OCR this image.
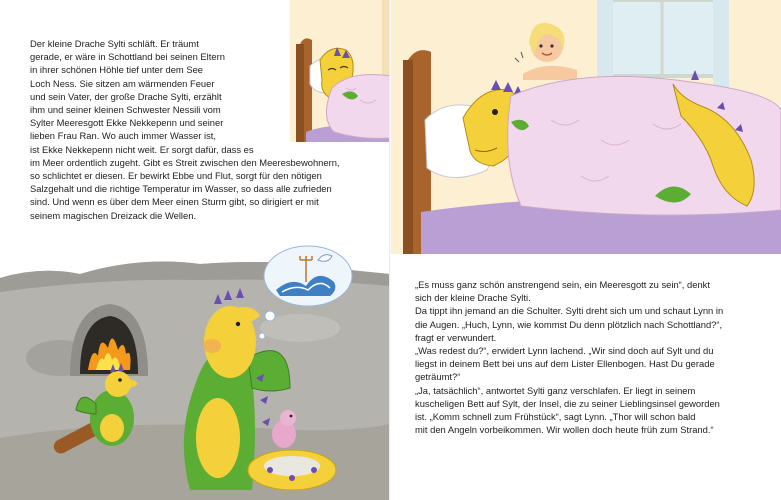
Der kleine Drache Sylti schläft. Er träumt
gerade, er wäre in Schottland bei seinen Eltern
in ihrer schönen Höhle tief unter dem See
Loch Ness. Sie sitzen am wärmenden Feuer
und sein Vater, der große Drache Sylti, erzählt
ihm und seiner kleinen Schwester Nessili vom
Sylter Meeresgott Ekke Nekkepenn und seiner
lieben Frau Ran. Wo auch immer Wasser ist,
ist Ekke Nekkepenn nicht weit. Er sorgt dafür, dass es
im Meer ordentlich zugeht. Gibt es Streit zwischen den Meeresbewohnern,
so schlichtet er diesen. Er bewirkt Ebbe und Flut, sorgt für den nötigen
Salzgehalt und die richtige Temperatur im Wasser, so dass alle zufrieden
sind. Und wenn es über dem Meer einen Sturm gibt, so dirigiert er mit
seinem magischen Dreizack die Wellen.
„Es muss ganz schön anstrengend sein, ein Meeresgott zu sein“, denkt
sich der kleine Drache Sylti.
Da tippt ihn jemand an die Schulter. Sylti dreht sich um und schaut Lynn in
die Augen. „Huch, Lynn, wie kommst Du denn plötzlich nach Schottland?“,
fragt er verwundert.
„Was redest du?“, erwidert Lynn lachend. „Wir sind doch auf Sylt und du
liegst in deinem Bett bei uns auf dem Lister Ellenbogen. Hast Du gerade
geträumt?“
„Ja, tatsächlich“, antwortet Sylti ganz verschlafen. Er liegt in seinem
kuscheligen Bett auf Sylt, der Insel, die zu seiner Lieblingsinsel geworden
ist. „Komm schnell zum Frühstück“, sagt Lynn. „Thor will schon bald
mit den Angeln vorbeikommen. Wir wollen doch heute früh zum Strand.“
